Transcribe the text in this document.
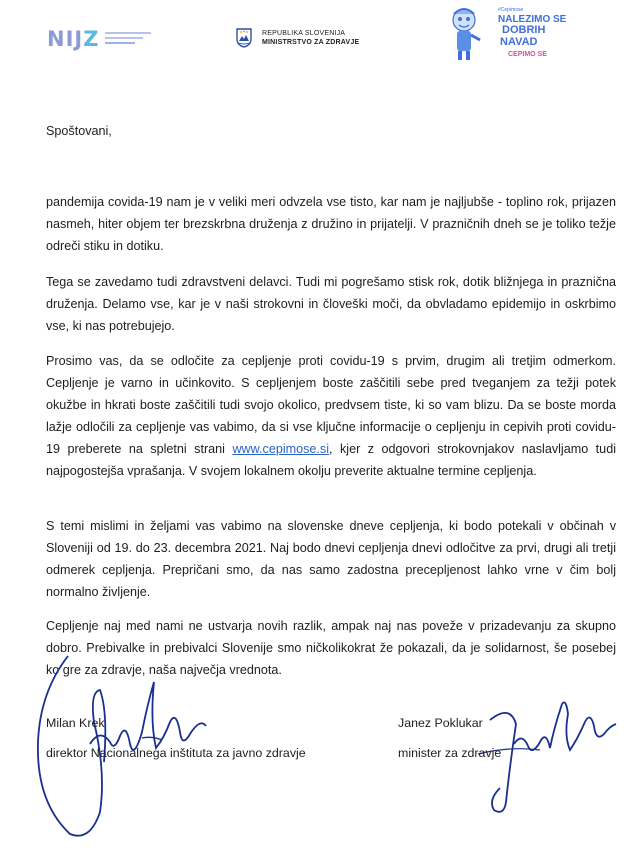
NIJZ	REPUBLIKA SLOVENIJA
MINISTRSTVO ZA ZDRAVJE
#Cepimose
NALEZIMO SE
DOBRIH
NAVAD
CEPIMO SE
Spoštovani,

pandemija covida-19 nam je v veliki meri odvzela vse tisto, kar nam je najljubše - toplino rok, prijazen nasmeh, hiter objem ter brezskrbna druženja z družino in prijatelji. V prazničnih dneh se je toliko težje odreči stiku in dotiku.

Tega se zavedamo tudi zdravstveni delavci. Tudi mi pogrešamo stisk rok, dotik bližnjega in praznična druženja. Delamo vse, kar je v naši strokovni in človeški moči, da obvladamo epidemijo in oskrbimo vse, ki nas potrebujejo.

Prosimo vas, da se odločite za cepljenje proti covidu-19 s prvim, drugim ali tretjim odmerkom. Cepljenje je varno in učinkovito. S cepljenjem boste zaščitili sebe pred tveganjem za težji potek okužbe in hkrati boste zaščitili tudi svojo okolico, predvsem tiste, ki so vam blizu. Da se boste morda lažje odločili za cepljenje vas vabimo, da si vse ključne informacije o cepljenju in cepivih proti covidu-19 preberete na spletni strani www.cepimose.si, kjer z odgovori strokovnjakov naslavljamo tudi najpogostejša vprašanja. V svojem lokalnem okolju preverite aktualne termine cepljenja.

S temi mislimi in željami vas vabimo na slovenske dneve cepljenja, ki bodo potekali v občinah v Sloveniji od 19. do 23. decembra 2021. Naj bodo dnevi cepljenja dnevi odločitve za prvi, drugi ali tretji odmerek cepljenja. Prepričani smo, da nas samo zadostna precepljenost lahko vrne v čim bolj normalno življenje.

Cepljenje naj med nami ne ustvarja novih razlik, ampak naj nas poveže v prizadevanju za skupno dobro. Prebivalke in prebivalci Slovenije smo ničkolikokrat že pokazali, da je solidarnost, še posebej ko gre za zdravje, naša največja vrednota.

Milan Krek
direktor Nacionalnega inštituta za javno zdravje
Janez Poklukar
minister za zdravje
